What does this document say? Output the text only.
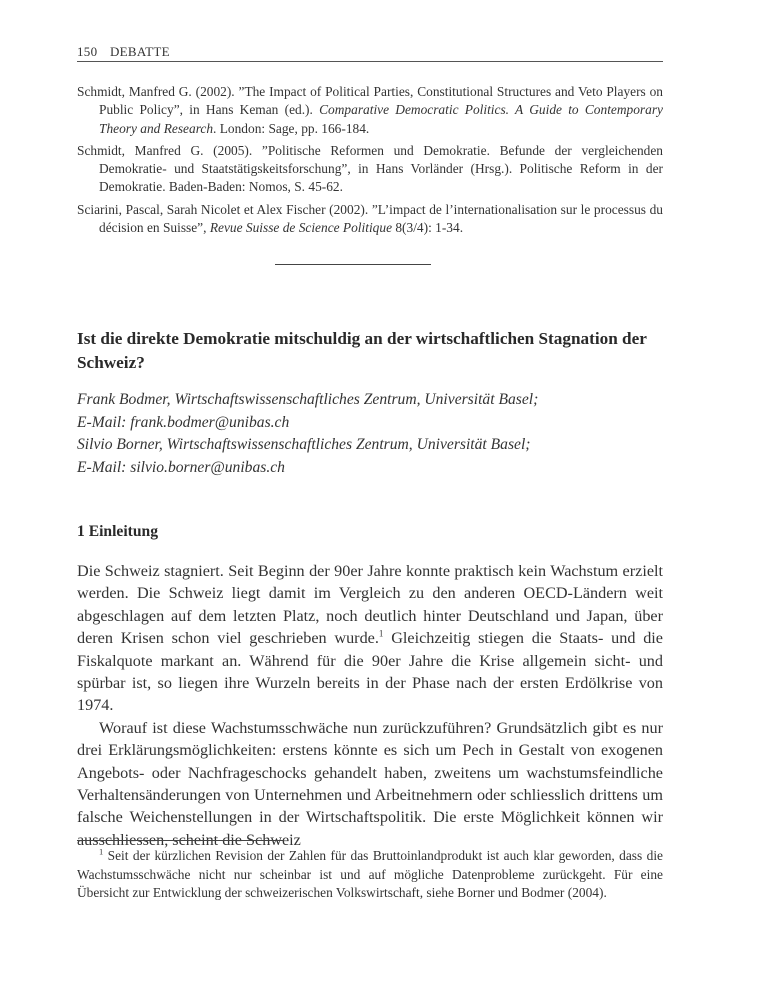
150 DEBATTE
Schmidt, Manfred G. (2002). ”The Impact of Political Parties, Constitutional Structures and Veto Players on Public Policy”, in Hans Keman (ed.). Comparative Democratic Politics. A Guide to Contemporary Theory and Research. London: Sage, pp. 166-184.
Schmidt, Manfred G. (2005). ”Politische Reformen und Demokratie. Befunde der vergleichenden Demokratie- und Staatstätigskeitsforschung”, in Hans Vorländer (Hrsg.). Politische Reform in der Demokratie. Baden-Baden: Nomos, S. 45-62.
Sciarini, Pascal, Sarah Nicolet et Alex Fischer (2002). ”L’impact de l’internationalisation sur le processus du décision en Suisse”, Revue Suisse de Science Politique 8(3/4): 1-34.
Ist die direkte Demokratie mitschuldig an der wirtschaftlichen Stagnation der Schweiz?
Frank Bodmer, Wirtschaftswissenschaftliches Zentrum, Universität Basel;
E-Mail: frank.bodmer@unibas.ch
Silvio Borner, Wirtschaftswissenschaftliches Zentrum, Universität Basel;
E-Mail: silvio.borner@unibas.ch
1 Einleitung

Die Schweiz stagniert. Seit Beginn der 90er Jahre konnte praktisch kein Wachstum erzielt werden. Die Schweiz liegt damit im Vergleich zu den anderen OECD-Ländern weit abgeschlagen auf dem letzten Platz, noch deutlich hinter Deutschland und Japan, über deren Krisen schon viel geschrieben wurde.$^1$ Gleichzeitig stiegen die Staats- und die Fiskalquote markant an. Während für die 90er Jahre die Krise allgemein sicht- und spürbar ist, so liegen ihre Wurzeln bereits in der Phase nach der ersten Erdölkrise von 1974.

Worauf ist diese Wachstumsschwäche nun zurückzuführen? Grundsätzlich gibt es nur drei Erklärungsmöglichkeiten: erstens könnte es sich um Pech in Gestalt von exogenen Angebots- oder Nachfrageschocks gehandelt haben, zweitens um wachstumsfeindliche Verhaltensänderungen von Unternehmen und Arbeitnehmern oder schliesslich drittens um falsche Weichenstellungen in der Wirtschaftspolitik. Die erste Möglichkeit können wir ausschliessen, scheint die Schweiz

$^1$ Seit der kürzlichen Revision der Zahlen für das Bruttoinlandprodukt ist auch klar geworden, dass die Wachstumsschwäche nicht nur scheinbar ist und auf mögliche Datenprobleme zurückgeht. Für eine Übersicht zur Entwicklung der schweizerischen Volkswirtschaft, siehe Borner und Bodmer (2004).
